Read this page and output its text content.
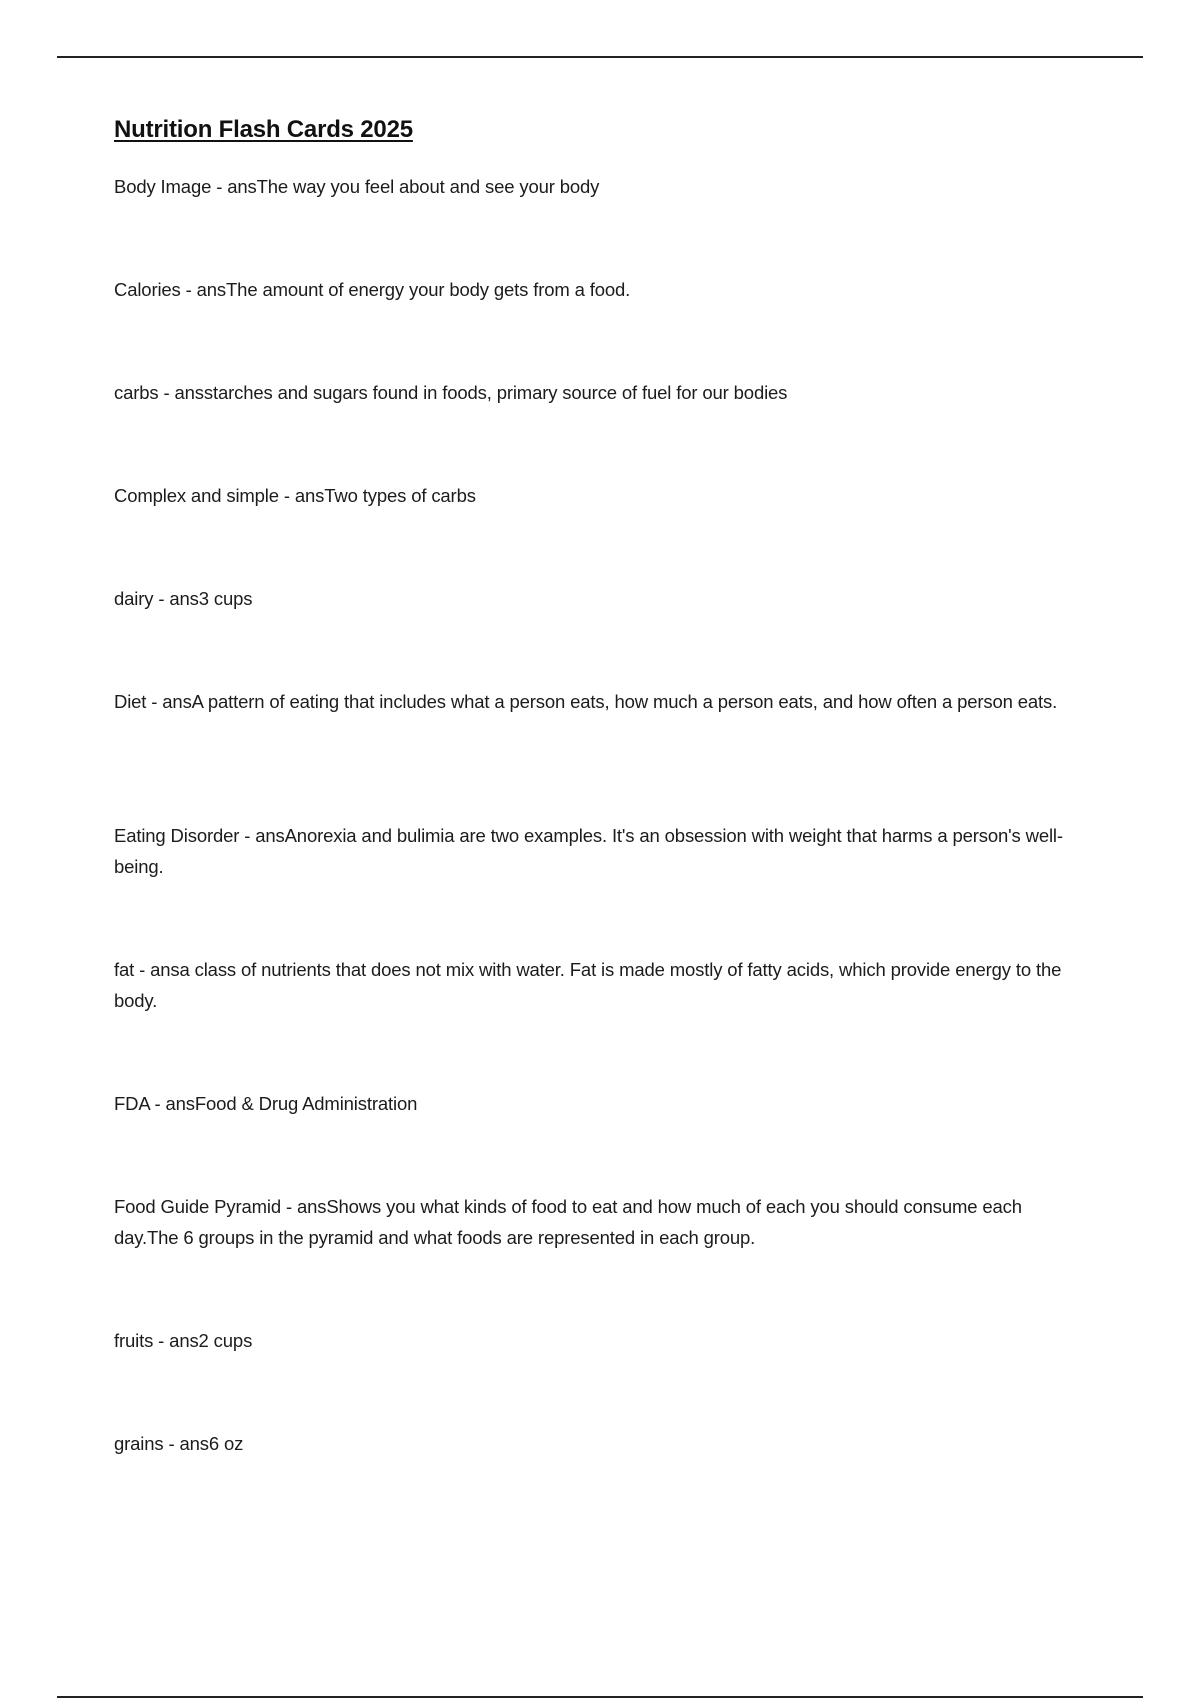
Nutrition Flash Cards 2025

Body Image - ansThe way you feel about and see your body

Calories - ansThe amount of energy your body gets from a food.

carbs - ansstarches and sugars found in foods, primary source of fuel for our bodies

Complex and simple - ansTwo types of carbs

dairy - ans3 cups

Diet - ansA pattern of eating that includes what a person eats, how much a person eats, and how often a person eats.

Eating Disorder - ansAnorexia and bulimia are two examples. It's an obsession with weight that harms a person's well-being.

fat - ansa class of nutrients that does not mix with water. Fat is made mostly of fatty acids, which provide energy to the body.

FDA - ansFood & Drug Administration

Food Guide Pyramid - ansShows you what kinds of food to eat and how much of each you should consume each day.The 6 groups in the pyramid and what foods are represented in each group.

fruits - ans2 cups

grains - ans6 oz
